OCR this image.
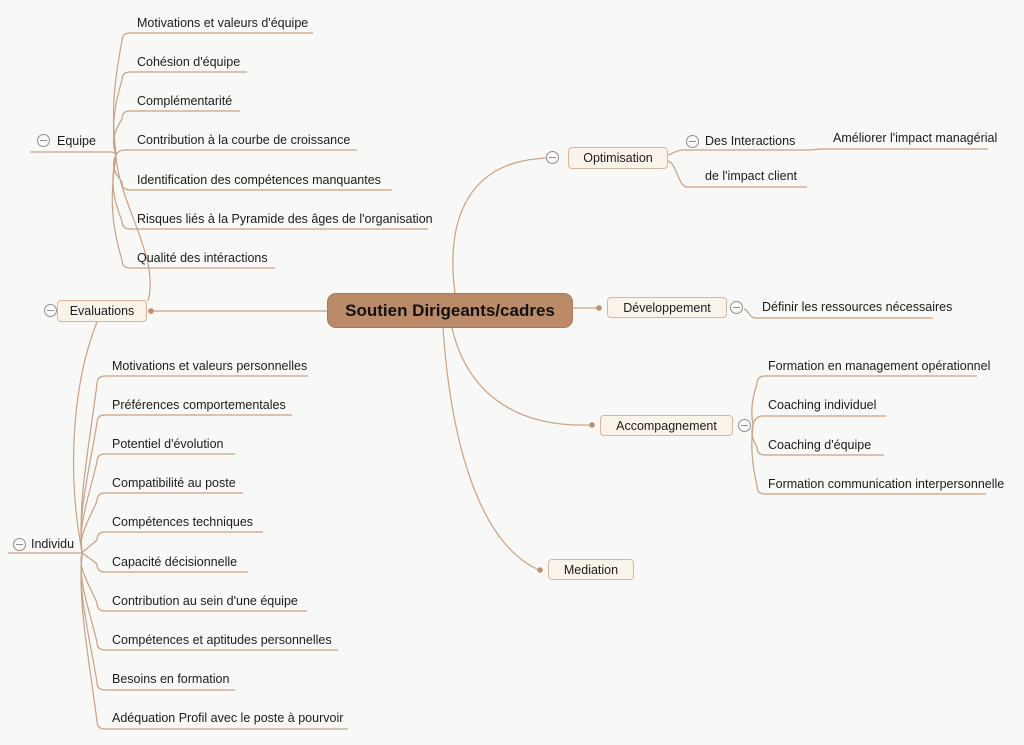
Soutien Dirigeants/cadres
Evaluations
Equipe
Motivations et valeurs d'équipe
Cohésion d'équipe
Complémentarité
Contribution à la courbe de croissance
Identification des compétences manquantes
Risques liés à la Pyramide des âges de l'organisation
Qualité des intéractions
Individu
Motivations et valeurs personnelles
Préférences comportementales
Potentiel d'évolution
Compatibilité au poste
Compétences techniques
Capacité décisionnelle
Contribution au sein d'une équipe
Compétences et aptitudes personnelles
Besoins en formation
Adéquation Profil avec le poste à pourvoir
Optimisation
Des Interactions	Améliorer l'impact managérial
de l'impact client
Développement	Définir les ressources nécessaires
Accompagnement
Formation en management opérationnel
Coaching individuel
Coaching d'équipe
Formation communication interpersonnelle
Mediation
